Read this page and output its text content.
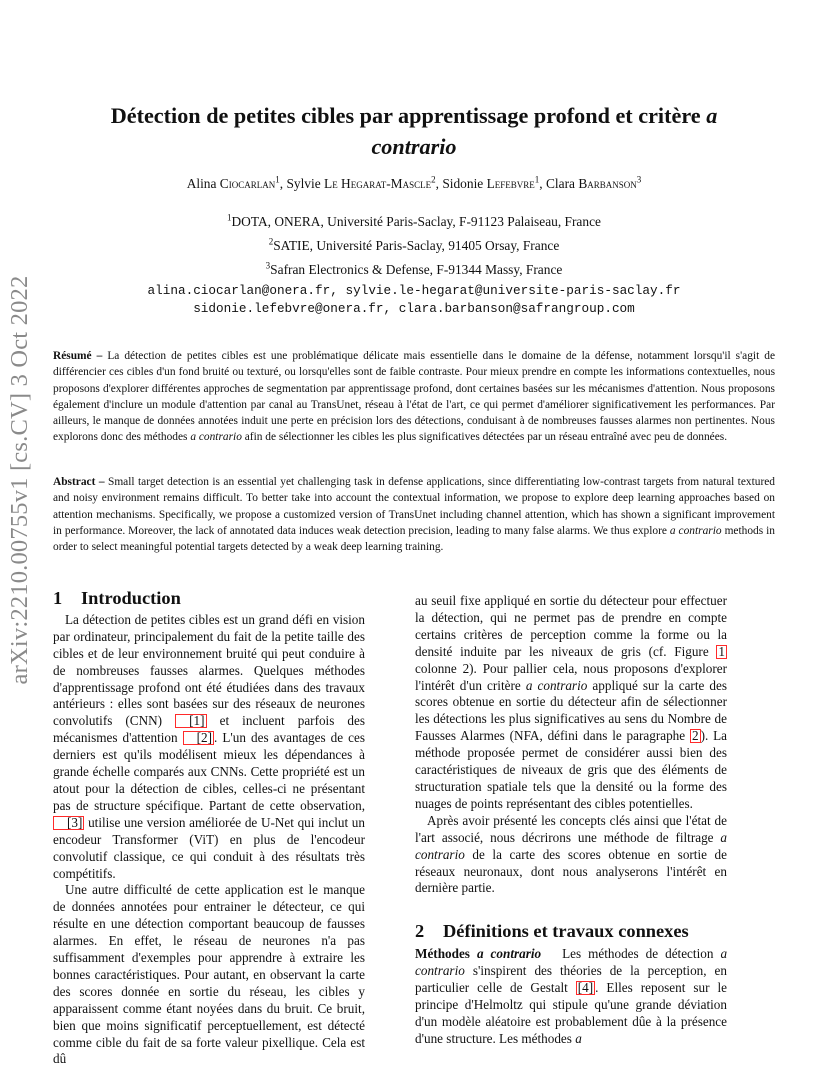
arXiv:2210.00755v1 [cs.CV] 3 Oct 2022
Détection de petites cibles par apprentissage profond et critère a contrario
Alina Ciocarlan$^1$, Sylvie Le Hegarat-Mascle$^2$, Sidonie Lefebvre$^1$, Clara Barbanson$^3$
$^1$DOTA, ONERA, Université Paris-Saclay, F-91123 Palaiseau, France
$^2$SATIE, Université Paris-Saclay, 91405 Orsay, France
$^3$Safran Electronics & Defense, F-91344 Massy, France
alina.ciocarlan@onera.fr, sylvie.le-hegarat@universite-paris-saclay.fr
sidonie.lefebvre@onera.fr, clara.barbanson@safrangroup.com
Résumé – La détection de petites cibles est une problématique délicate mais essentielle dans le domaine de la défense, notamment lorsqu'il s'agit de différencier ces cibles d'un fond bruité ou texturé, ou lorsqu'elles sont de faible contraste. Pour mieux prendre en compte les informations contextuelles, nous proposons d'explorer différentes approches de segmentation par apprentissage profond, dont certaines basées sur les mécanismes d'attention. Nous proposons également d'inclure un module d'attention par canal au TransUnet, réseau à l'état de l'art, ce qui permet d'améliorer significativement les performances. Par ailleurs, le manque de données annotées induit une perte en précision lors des détections, conduisant à de nombreuses fausses alarmes non pertinentes. Nous explorons donc des méthodes a contrario afin de sélectionner les cibles les plus significatives détectées par un réseau entraîné avec peu de données.
Abstract – Small target detection is an essential yet challenging task in defense applications, since differentiating low-contrast targets from natural textured and noisy environment remains difficult. To better take into account the contextual information, we propose to explore deep learning approaches based on attention mechanisms. Specifically, we propose a customized version of TransUnet including channel attention, which has shown a significant improvement in performance. Moreover, the lack of annotated data induces weak detection precision, leading to many false alarms. We thus explore a contrario methods in order to select meaningful potential targets detected by a weak deep learning training.
1 Introduction

La détection de petites cibles est un grand défi en vision par ordinateur, principalement du fait de la petite taille des cibles et de leur environnement bruité qui peut conduire à de nombreuses fausses alarmes. Quelques méthodes d'apprentissage profond ont été étudiées dans des travaux antérieurs : elles sont basées sur des réseaux de neurones convolutifs (CNN) [1] et incluent parfois des mécanismes d'attention [2] . L'un des avantages de ces derniers est qu'ils modélisent mieux les dépendances à grande échelle comparés aux CNNs. Cette propriété est un atout pour la détection de cibles, celles-ci ne présentant pas de structure spécifique. Partant de cette observation, [3] utilise une version améliorée de U-Net qui inclut un encodeur Transformer (ViT) en plus de l'encodeur convolutif classique, ce qui conduit à des résultats très compétitifs.

Une autre difficulté de cette application est le manque de données annotées pour entrainer le détecteur, ce qui résulte en une détection comportant beaucoup de fausses alarmes. En effet, le réseau de neurones n'a pas suffisamment d'exemples pour apprendre à extraire les bonnes caractéristiques. Pour autant, en observant la carte des scores donnée en sortie du réseau, les cibles y apparaissent comme étant noyées dans du bruit. Ce bruit, bien que moins significatif perceptuellement, est détecté comme cible du fait de sa forte valeur pixellique. Cela est dû

au seuil fixe appliqué en sortie du détecteur pour effectuer la détection, qui ne permet pas de prendre en compte certains critères de perception comme la forme ou la densité induite par les niveaux de gris (cf. Figure 1 colonne 2). Pour pallier cela, nous proposons d'explorer l'intérêt d'un critère a contrario appliqué sur la carte des scores obtenue en sortie du détecteur afin de sélectionner les détections les plus significatives au sens du Nombre de Fausses Alarmes (NFA, défini dans le paragraphe 2 ). La méthode proposée permet de considérer aussi bien des caractéristiques de niveaux de gris que des éléments de structuration spatiale tels que la densité ou la forme des nuages de points représentant des cibles potentielles.

Après avoir présenté les concepts clés ainsi que l'état de l'art associé, nous décrirons une méthode de filtrage a contrario de la carte des scores obtenue en sortie de réseaux neuronaux, dont nous analyserons l'intérêt en dernière partie.

2 Définitions et travaux connexes

Méthodes a contrario Les méthodes de détection a contrario s'inspirent des théories de la perception, en particulier celle de Gestalt [4] . Elles reposent sur le principe d'Helmoltz qui stipule qu'une grande déviation d'un modèle aléatoire est probablement dûe à la présence d'une structure. Les méthodes a
